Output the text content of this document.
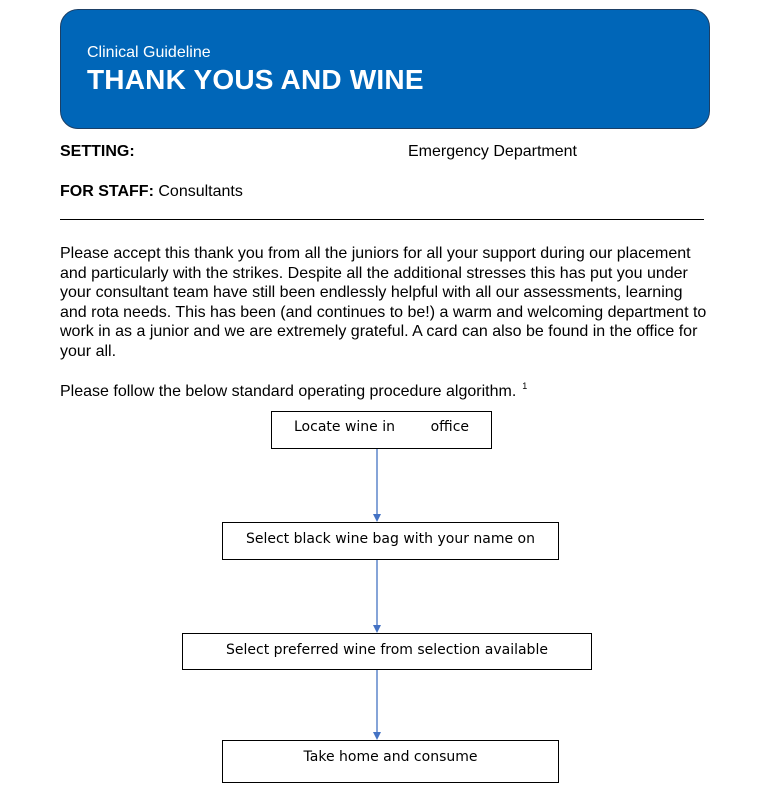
Clinical Guideline
THANK YOUS AND WINE
SETTING:	Emergency Department
FOR STAFF: Consultants
Please accept this thank you from all the juniors for all your support during our placement and particularly with the strikes. Despite all the additional stresses this has put you under your consultant team have still been endlessly helpful with all our assessments, learning and rota needs. This has been (and continues to be!) a warm and welcoming department to work in as a junior and we are extremely grateful. A card can also be found in the office for your all.
Please follow the below standard operating procedure algorithm. $^1$
Locate wine in        office
Select black wine bag with your name on
Select preferred wine from selection available
Take home and consume
